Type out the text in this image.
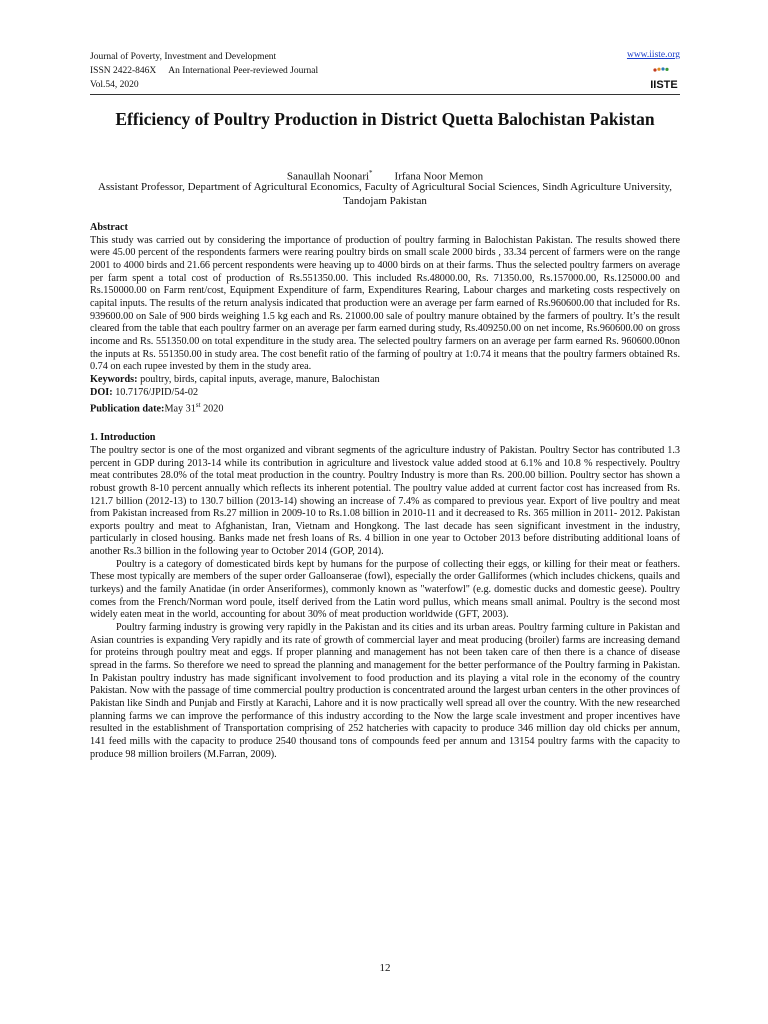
Journal of Poverty, Investment and Development
ISSN 2422-846X An International Peer-reviewed Journal
Vol.54, 2020
www.iiste.org
IISTE
Efficiency of Poultry Production in District Quetta Balochistan Pakistan
Sanaullah Noonari* Irfana Noor Memon
Assistant Professor, Department of Agricultural Economics, Faculty of Agricultural Social Sciences, Sindh Agriculture University, Tandojam Pakistan

Abstract

This study was carried out by considering the importance of production of poultry farming in Balochistan Pakistan. The results showed there were 45.00 percent of the respondents farmers were rearing poultry birds on small scale 2000 birds , 33.34 percent of farmers were on the range 2001 to 4000 birds and 21.66 percent respondents were heaving up to 4000 birds on at their farms. Thus the selected poultry farmers on average per farm spent a total cost of production of Rs.551350.00. This included Rs.48000.00, Rs. 71350.00, Rs.157000.00, Rs.125000.00 and Rs.150000.00 on Farm rent/cost, Equipment Expenditure of farm, Expenditures Rearing, Labour charges and marketing costs respectively on capital inputs. The results of the return analysis indicated that production were an average per farm earned of Rs.960600.00 that included for Rs. 939600.00 on Sale of 900 birds weighing 1.5 kg each and Rs. 21000.00 sale of poultry manure obtained by the farmers of poultry. It’s the result cleared from the table that each poultry farmer on an average per farm earned during study, Rs.409250.00 on net income, Rs.960600.00 on gross income and Rs. 551350.00 on total expenditure in the study area. The selected poultry farmers on an average per farm earned Rs. 960600.00non the inputs at Rs. 551350.00 in study area. The cost benefit ratio of the farming of poultry at 1:0.74 it means that the poultry farmers obtained Rs. 0.74 on each rupee invested by them in the study area.

Keywords: poultry, birds, capital inputs, average, manure, Balochistan

DOI: 10.7176/JPID/54-02

Publication date:May 31st 2020

1. Introduction

The poultry sector is one of the most organized and vibrant segments of the agriculture industry of Pakistan. Poultry Sector has contributed 1.3 percent in GDP during 2013-14 while its contribution in agriculture and livestock value added stood at 6.1% and 10.8 % respectively. Poultry meat contributes 28.0% of the total meat production in the country. Poultry Industry is more than Rs. 200.00 billion. Poultry sector has shown a robust growth 8-10 percent annually which reflects its inherent potential. The poultry value added at current factor cost has increased from Rs. 121.7 billion (2012-13) to 130.7 billion (2013-14) showing an increase of 7.4% as compared to previous year. Export of live poultry and meat from Pakistan increased from Rs.27 million in 2009-10 to Rs.1.08 billion in 2010-11 and it decreased to Rs. 365 million in 2011- 2012. Pakistan exports poultry and meat to Afghanistan, Iran, Vietnam and Hongkong. The last decade has seen significant investment in the industry, particularly in closed housing. Banks made net fresh loans of Rs. 4 billion in one year to October 2013 before distributing additional loans of another Rs.3 billion in the following year to October 2014 (GOP, 2014).

Poultry is a category of domesticated birds kept by humans for the purpose of collecting their eggs, or killing for their meat or feathers. These most typically are members of the super order Galloanserae (fowl), especially the order Galliformes (which includes chickens, quails and turkeys) and the family Anatidae (in order Anseriformes), commonly known as "waterfowl" (e.g. domestic ducks and domestic geese). Poultry comes from the French/Norman word poule, itself derived from the Latin word pullus, which means small animal. Poultry is the second most widely eaten meat in the world, accounting for about 30% of meat production worldwide (GFT, 2003).

Poultry farming industry is growing very rapidly in the Pakistan and its cities and its urban areas. Poultry farming culture in Pakistan and Asian countries is expanding Very rapidly and its rate of growth of commercial layer and meat producing (broiler) farms are increasing demand for proteins through poultry meat and eggs. If proper planning and management has not been taken care of then there is a chance of disease spread in the farms. So therefore we need to spread the planning and management for the better performance of the Poultry farming in Pakistan. In Pakistan poultry industry has made significant involvement to food production and its playing a vital role in the economy of the country Pakistan. Now with the passage of time commercial poultry production is concentrated around the largest urban centers in the other provinces of Pakistan like Sindh and Punjab and Firstly at Karachi, Lahore and it is now practically well spread all over the country. With the new researched planning farms we can improve the performance of this industry according to the Now the large scale investment and proper incentives have resulted in the establishment of Transportation comprising of 252 hatcheries with capacity to produce 346 million day old chicks per annum, 141 feed mills with the capacity to produce 2540 thousand tons of compounds feed per annum and 13154 poultry farms with the capacity to produce 98 million broilers (M.Farran, 2009).

12
